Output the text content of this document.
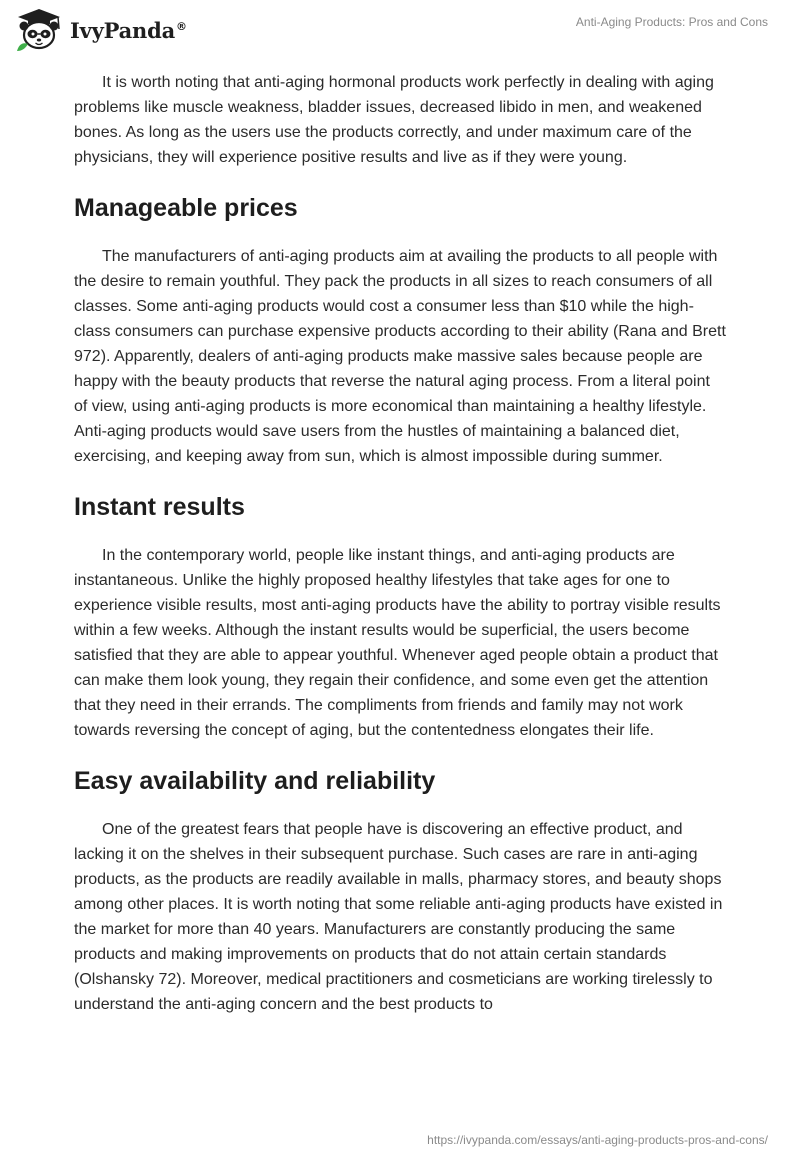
IvyPanda®	Anti-Aging Products: Pros and Cons

It is worth noting that anti-aging hormonal products work perfectly in dealing with aging problems like muscle weakness, bladder issues, decreased libido in men, and weakened bones. As long as the users use the products correctly, and under maximum care of the physicians, they will experience positive results and live as if they were young.

Manageable prices

The manufacturers of anti-aging products aim at availing the products to all people with the desire to remain youthful. They pack the products in all sizes to reach consumers of all classes. Some anti-aging products would cost a consumer less than $10 while the high-class consumers can purchase expensive products according to their ability (Rana and Brett 972). Apparently, dealers of anti-aging products make massive sales because people are happy with the beauty products that reverse the natural aging process. From a literal point of view, using anti-aging products is more economical than maintaining a healthy lifestyle. Anti-aging products would save users from the hustles of maintaining a balanced diet, exercising, and keeping away from sun, which is almost impossible during summer.

Instant results

In the contemporary world, people like instant things, and anti-aging products are instantaneous. Unlike the highly proposed healthy lifestyles that take ages for one to experience visible results, most anti-aging products have the ability to portray visible results within a few weeks. Although the instant results would be superficial, the users become satisfied that they are able to appear youthful. Whenever aged people obtain a product that can make them look young, they regain their confidence, and some even get the attention that they need in their errands. The compliments from friends and family may not work towards reversing the concept of aging, but the contentedness elongates their life.

Easy availability and reliability

One of the greatest fears that people have is discovering an effective product, and lacking it on the shelves in their subsequent purchase. Such cases are rare in anti-aging products, as the products are readily available in malls, pharmacy stores, and beauty shops among other places. It is worth noting that some reliable anti-aging products have existed in the market for more than 40 years. Manufacturers are constantly producing the same products and making improvements on products that do not attain certain standards (Olshansky 72). Moreover, medical practitioners and cosmeticians are working tirelessly to understand the anti-aging concern and the best products to

https://ivypanda.com/essays/anti-aging-products-pros-and-cons/
